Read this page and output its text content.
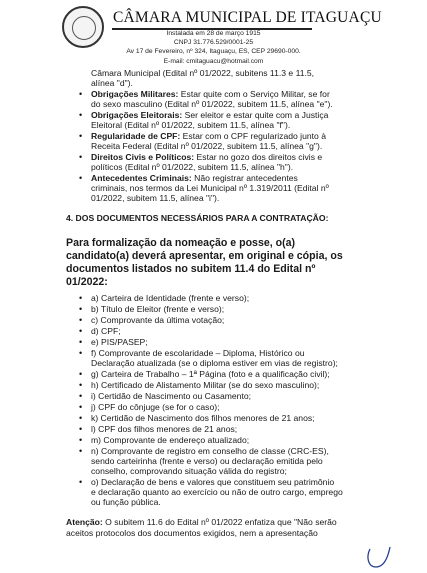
CÂMARA MUNICIPAL DE ITAGUAÇU
Instalada em 28 de março 1915
CNPJ 31.776.529/0001-25
Av 17 de Fevereiro, nº 324, Itaguaçu, ES, CEP 29690-000.
E-mail: cmitaguacu@hotmail.com
Câmara Municipal (Edital nº 01/2022, subitens 11.3 e 11.5,
alínea "d").
• Obrigações Militares: Estar quite com o Serviço Militar, se for
do sexo masculino (Edital nº 01/2022, subitem 11.5, alínea "e").
• Obrigações Eleitorais: Ser eleitor e estar quite com a Justiça
Eleitoral (Edital nº 01/2022, subitem 11.5, alínea "f").
• Regularidade de CPF: Estar com o CPF regularizado junto à
Receita Federal (Edital nº 01/2022, subitem 11.5, alínea "g").
• Direitos Civis e Políticos: Estar no gozo dos direitos civis e
políticos (Edital nº 01/2022, subitem 11.5, alínea "h").
• Antecedentes Criminais: Não registrar antecedentes
criminais, nos termos da Lei Municipal nº 1.319/2011 (Edital nº
01/2022, subitem 11.5, alínea "i").
4. DOS DOCUMENTOS NECESSÁRIOS PARA A CONTRATAÇÃO:
Para formalização da nomeação e posse, o(a)
candidato(a) deverá apresentar, em original e cópia, os
documentos listados no subitem 11.4 do Edital nº
01/2022:
• a) Carteira de Identidade (frente e verso);
• b) Título de Eleitor (frente e verso);
• c) Comprovante da última votação;
• d) CPF;
• e) PIS/PASEP;
• f) Comprovante de escolaridade – Diploma, Histórico ou
Declaração atualizada (se o diploma estiver em vias de registro);
• g) Carteira de Trabalho – 1ª Página (foto e a qualificação civil);
• h) Certificado de Alistamento Militar (se do sexo masculino);
• i) Certidão de Nascimento ou Casamento;
• j) CPF do cônjuge (se for o caso);
• k) Certidão de Nascimento dos filhos menores de 21 anos;
• l) CPF dos filhos menores de 21 anos;
• m) Comprovante de endereço atualizado;
• n) Comprovante de registro em conselho de classe (CRC-ES),
sendo carteirinha (frente e verso) ou declaração emitida pelo
conselho, comprovando situação válida do registro;
• o) Declaração de bens e valores que constituem seu patrimônio
e declaração quanto ao exercício ou não de outro cargo, emprego
ou função pública.
Atenção: O subitem 11.6 do Edital nº 01/2022 enfatiza que "Não serão
aceitos protocolos dos documentos exigidos, nem a apresentação
